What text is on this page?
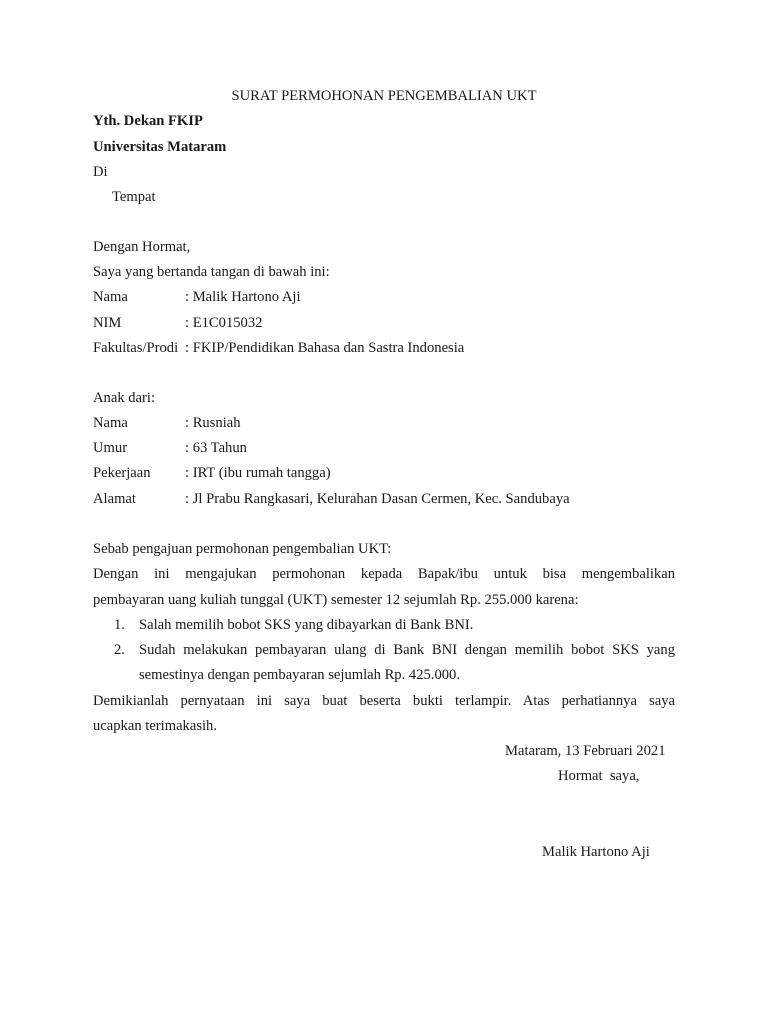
SURAT PERMOHONAN PENGEMBALIAN UKT
Yth. Dekan FKIP
Universitas Mataram
Di
Tempat
Dengan Hormat,
Saya yang bertanda tangan di bawah ini:
Nama	: Malik Hartono Aji
NIM	: E1C015032
Fakultas/Prodi : FKIP/Pendidikan Bahasa dan Sastra Indonesia
Anak dari:
Nama	: Rusniah
Umur	: 63 Tahun
Pekerjaan : IRT (ibu rumah tangga)
Alamat	: Jl Prabu Rangkasari, Kelurahan Dasan Cermen, Kec. Sandubaya
Sebab pengajuan permohonan pengembalian UKT:
Dengan ini mengajukan permohonan kepada Bapak/ibu untuk bisa mengembalikan
pembayaran uang kuliah tunggal (UKT) semester 12 sejumlah Rp. 255.000 karena:
1. Salah memilih bobot SKS yang dibayarkan di Bank BNI.
2. Sudah melakukan pembayaran ulang di Bank BNI dengan memilih bobot SKS yang
semestinya dengan pembayaran sejumlah Rp. 425.000.
Demikianlah pernyataan ini saya buat beserta bukti terlampir. Atas perhatiannya saya
ucapkan terimakasih.
Mataram, 13 Februari 2021
Hormat  saya,
Malik Hartono Aji
